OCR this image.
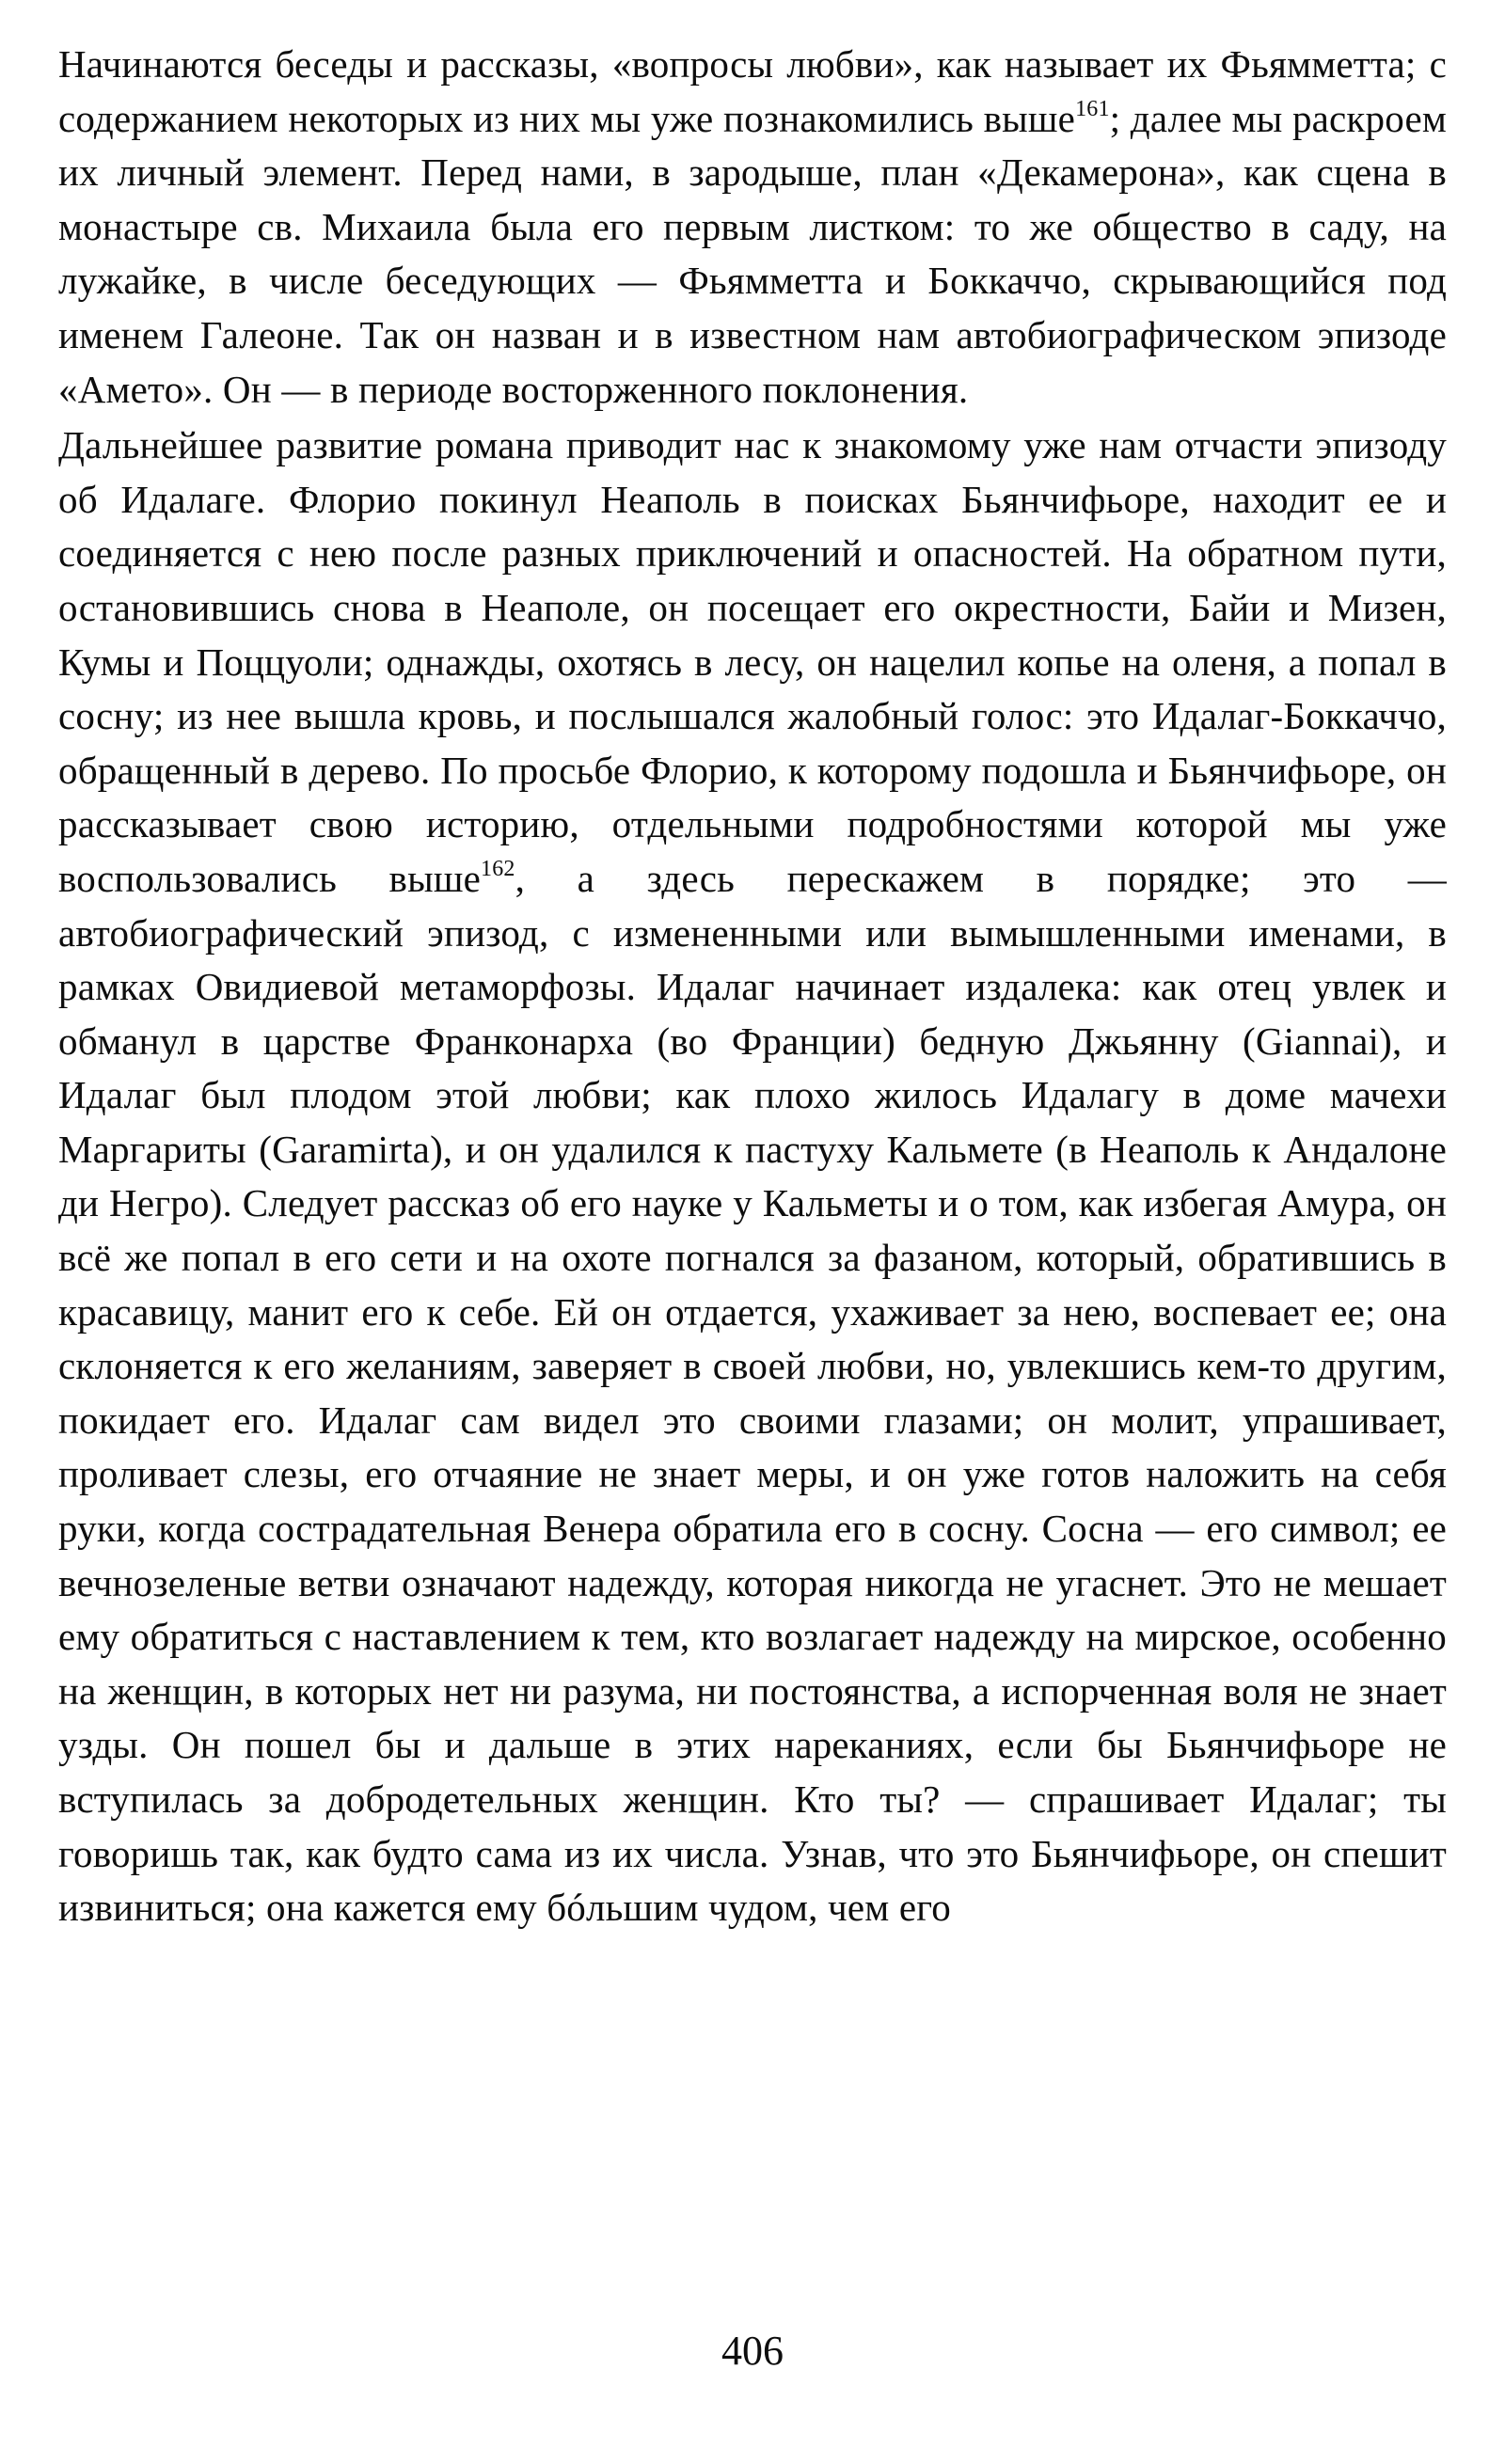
Начинаются беседы и рассказы, «вопросы любви», как называет их Фьямметта; с содержанием некоторых из них мы уже познакомились выше$^{161}$; далее мы раскроем их личный элемент. Перед нами, в зародыше, план «Декамерона», как сцена в монастыре св. Михаила была его первым листком: то же общество в саду, на лужайке, в числе беседующих — Фьямметта и Боккаччо, скрывающийся под именем Галеоне. Так он назван и в известном нам автобиографическом эпизоде «Амето». Он — в периоде восторженного поклонения.

Дальнейшее развитие романа приводит нас к знакомому уже нам отчасти эпизоду об Идалаге. Флорио покинул Неаполь в поисках Бьянчифьоре, находит ее и соединяется с нею после разных приключений и опасностей. На обратном пути, остановившись снова в Неаполе, он посещает его окрестности, Байи и Мизен, Кумы и Поццуоли; однажды, охотясь в лесу, он нацелил копье на оленя, а попал в сосну; из нее вышла кровь, и послышался жалобный голос: это Идалаг-Боккаччо, обращенный в дерево. По просьбе Флорио, к которому подошла и Бьянчифьоре, он рассказывает свою историю, отдельными подробностями которой мы уже воспользовались выше$^{162}$, а здесь перескажем в порядке; это — автобиографический эпизод, с измененными или вымышленными именами, в рамках Овидиевой метаморфозы. Идалаг начинает издалека: как отец увлек и обманул в царстве Франконарха (во Франции) бедную Джьянну (Giannai), и Идалаг был плодом этой любви; как плохо жилось Идалагу в доме мачехи Маргариты (Garamirta), и он удалился к пастуху Кальмете (в Неаполь к Андалоне ди Негро). Следует рассказ об его науке у Кальметы и о том, как избегая Амура, он всё же попал в его сети и на охоте погнался за фазаном, который, обратившись в красавицу, манит его к себе. Ей он отдается, ухаживает за нею, воспевает ее; она склоняется к его желаниям, заверяет в своей любви, но, увлекшись кем-то другим, покидает его. Идалаг сам видел это своими глазами; он молит, упрашивает, проливает слезы, его отчаяние не знает меры, и он уже готов наложить на себя руки, когда сострадательная Венера обратила его в сосну. Сосна — его символ; ее вечнозеленые ветви означают надежду, которая никогда не угаснет. Это не мешает ему обратиться с наставлением к тем, кто возлагает надежду на мирское, особенно на женщин, в которых нет ни разума, ни постоянства, а испорченная воля не знает узды. Он пошел бы и дальше в этих нареканиях, если бы Бьянчифьоре не вступилась за добродетельных женщин. Кто ты? — спрашивает Идалаг; ты говоришь так, как будто сама из их числа. Узнав, что это Бьянчифьоре, он спешит извиниться; она кажется ему бóльшим чудом, чем его

406
